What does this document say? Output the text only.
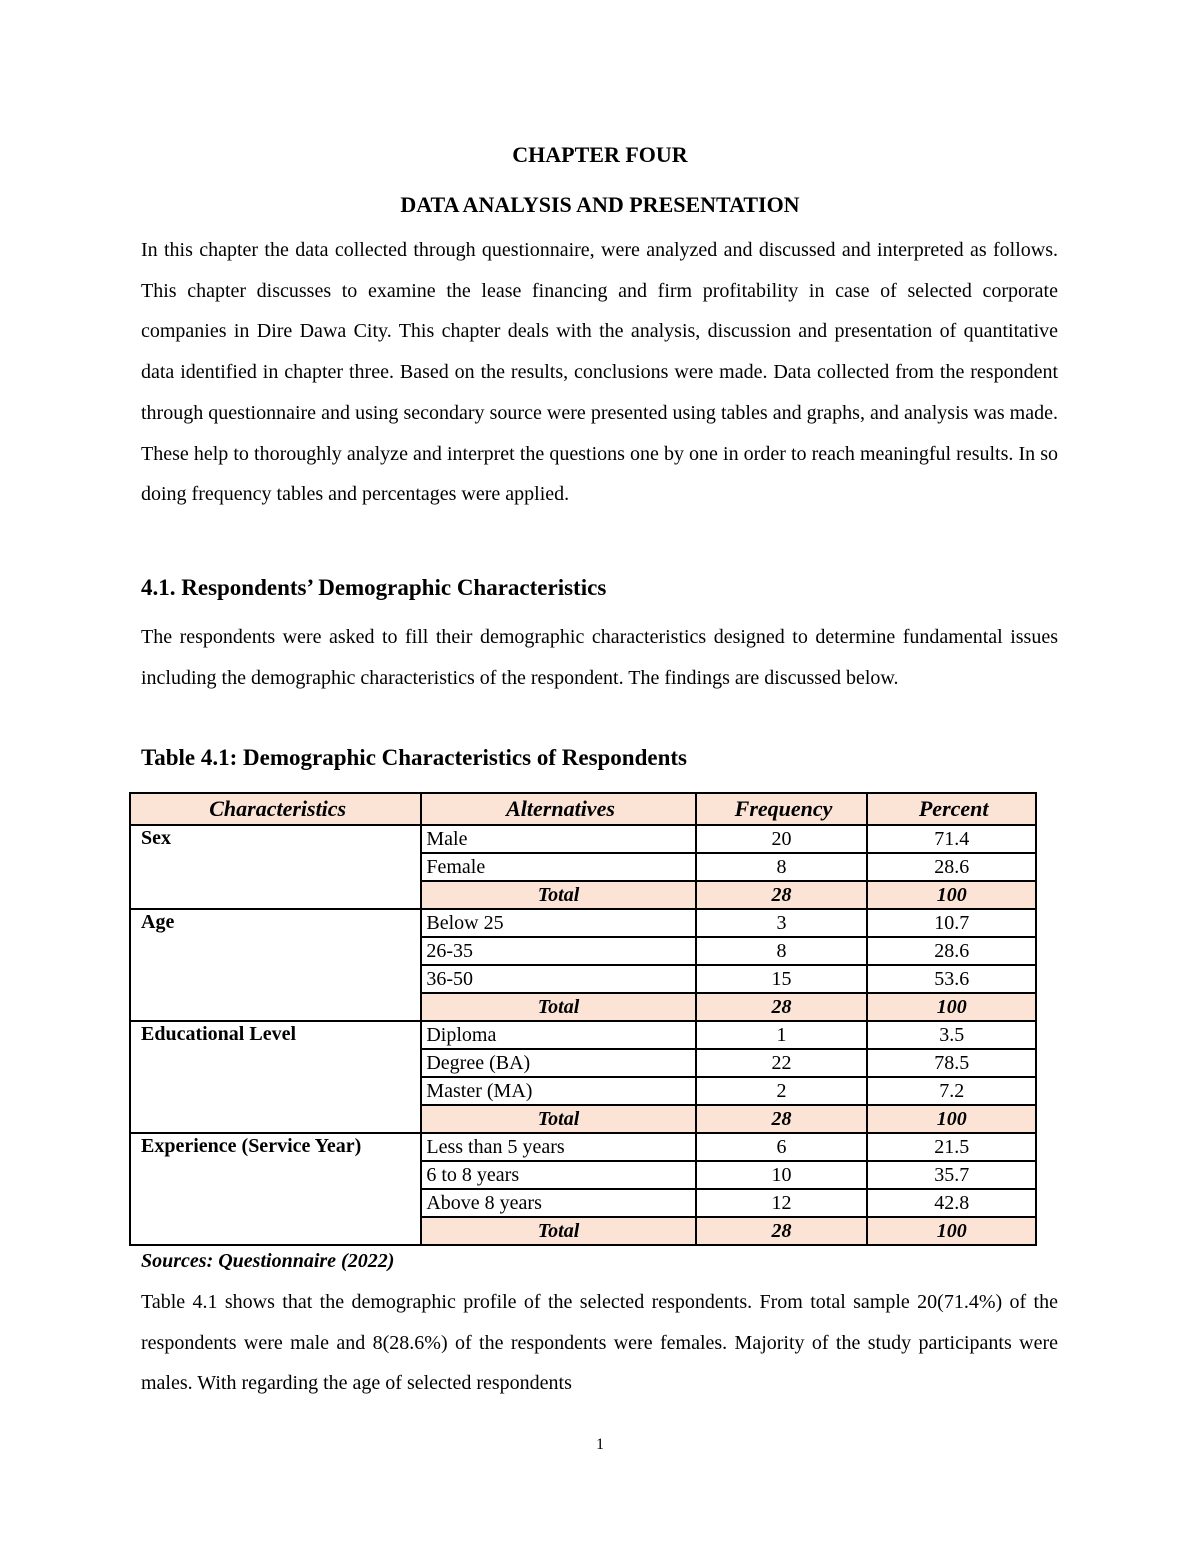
CHAPTER FOUR
DATA ANALYSIS AND PRESENTATION

In this chapter the data collected through questionnaire, were analyzed and discussed and interpreted as follows. This chapter discusses to examine the lease financing and firm profitability in case of selected corporate companies in Dire Dawa City. This chapter deals with the analysis, discussion and presentation of quantitative data identified in chapter three. Based on the results, conclusions were made. Data collected from the respondent through questionnaire and using secondary source were presented using tables and graphs, and analysis was made. These help to thoroughly analyze and interpret the questions one by one in order to reach meaningful results. In so doing frequency tables and percentages were applied.

4.1. Respondents’ Demographic Characteristics

The respondents were asked to fill their demographic characteristics designed to determine fundamental issues including the demographic characteristics of the respondent. The findings are discussed below.

Table 4.1: Demographic Characteristics of Respondents
Characteristics	Alternatives	Frequency	Percent
Sex	Male	20	71.4
	Female	8	28.6
	Total	28	100
Age	Below 25	3	10.7
	26-35	8	28.6
	36-50	15	53.6
	Total	28	100
Educational Level	Diploma	1	3.5
	Degree (BA)	22	78.5
	Master (MA)	2	7.2
	Total	28	100
Experience (Service Year)	Less than 5 years	6	21.5
	6 to 8 years	10	35.7
	Above 8 years	12	42.8
	Total	28	100
Sources: Questionnaire (2022)

Table 4.1 shows that the demographic profile of the selected respondents. From total sample 20(71.4%) of the respondents were male and 8(28.6%) of the respondents were females. Majority of the study participants were males. With regarding the age of selected respondents

1
